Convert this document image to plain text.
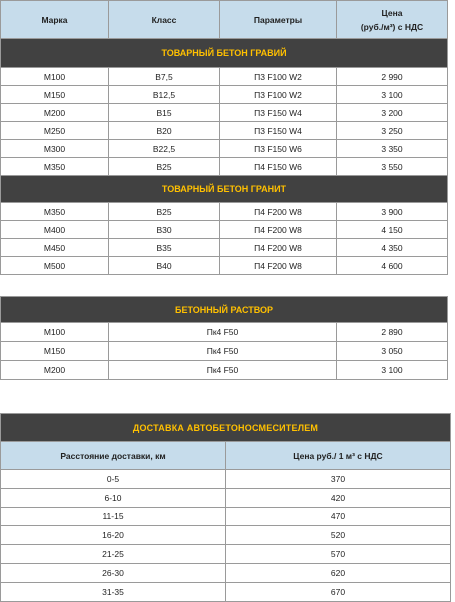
Марка	Класс	Параметры	Цена
(руб./м³) с НДС

ТОВАРНЫЙ БЕТОН ГРАВИЙ			
М100	В7,5	П3 F100 W2	2 990
М150	В12,5	П3 F100 W2	3 100
М200	В15	П3 F150 W4	3 200
М250	В20	П3 F150 W4	3 250
М300	В22,5	П3 F150 W6	3 350
М350	В25	П4 F150 W6	3 550
ТОВАРНЫЙ БЕТОН ГРАНИТ			
М350	В25	П4 F200 W8	3 900
М400	В30	П4 F200 W8	4 150
М450	В35	П4 F200 W8	4 350
М500	В40	П4 F200 W8	4 600
БЕТОННЫЙ РАСТВОР		
М100	Пк4 F50	2 890
М150	Пк4 F50	3 050
М200	Пк4 F50	3 100
ДОСТАВКА АВТОБЕТОНОСМЕСИТЕЛЕМ	
Расстояние доставки, км	Цена руб./ 1 м³ с НДС
0-5	370
6-10	420
11-15	470
16-20	520
21-25	570
26-30	620
31-35	670
